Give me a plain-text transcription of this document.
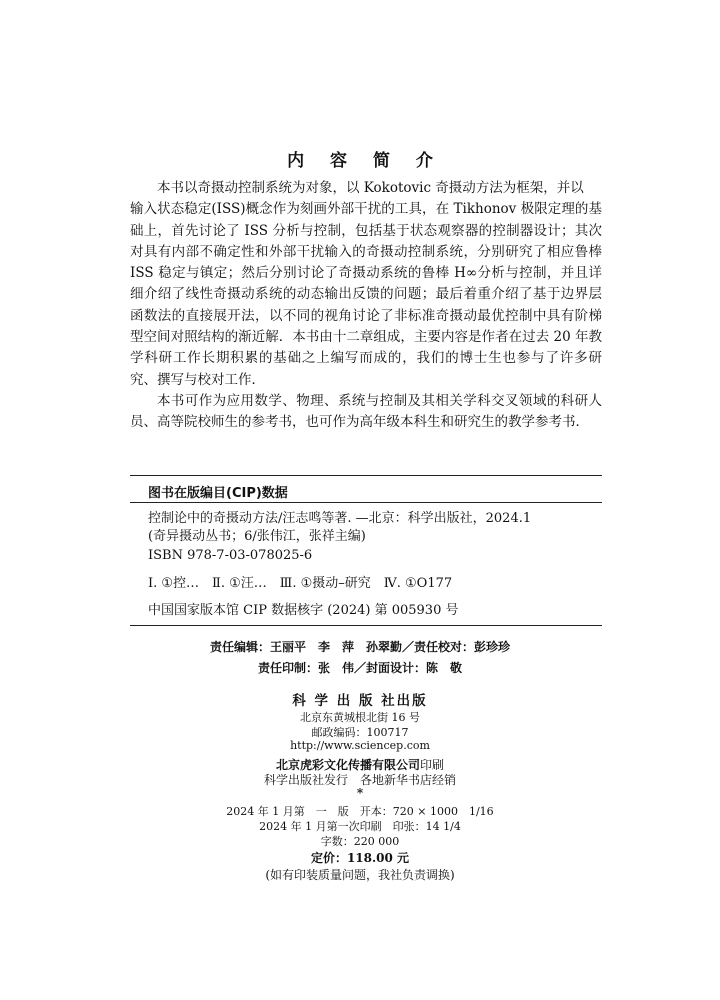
内 容 简 介

本书以奇摄动控制系统为对象，以 Kokotovic 奇摄动方法为框架，并以

输入状态稳定(ISS)概念作为刻画外部干扰的工具，在 Tikhonov 极限定理的基础上，首先讨论了 ISS 分析与控制，包括基于状态观察器的控制器设计；其次对具有内部不确定性和外部干扰输入的奇摄动控制系统，分别研究了相应鲁棒 ISS 稳定与镇定；然后分别讨论了奇摄动系统的鲁棒 H∞分析与控制，并且详细介绍了线性奇摄动系统的动态输出反馈的问题；最后着重介绍了基于边界层函数法的直接展开法，以不同的视角讨论了非标准奇摄动最优控制中具有阶梯型空间对照结构的渐近解．本书由十二章组成，主要内容是作者在过去 20 年教学科研工作长期积累的基础之上编写而成的，我们的博士生也参与了许多研究、撰写与校对工作．

本书可作为应用数学、物理、系统与控制及其相关学科交叉领域的科研人员、高等院校师生的参考书，也可作为高年级本科生和研究生的教学参考书．

图书在版编目(CIP)数据
控制论中的奇摄动方法/汪志鸣等著. —北京：科学出版社，2024.1
(奇异摄动丛书；6/张伟江，张祥主编)
ISBN 978-7-03-078025-6
Ⅰ. ①控…　Ⅱ. ①汪…　Ⅲ. ①摄动–研究　Ⅳ. ①O177
中国国家版本馆 CIP 数据核字 (2024) 第 005930 号
责任编辑：王丽平　李　萍　孙翠勤／责任校对：彭珍珍
责任印制：张　伟／封面设计：陈　敬
科 学 出 版 社出版
北京东黄城根北街 16 号
邮政编码：100717
http://www.sciencep.com
北京虎彩文化传播有限公司印刷
科学出版社发行　各地新华书店经销
*
2024 年 1 月第　一　版　开本：720 × 1000　1/16
2024 年 1 月第一次印刷　印张：14 1/4
字数：220 000
定价：118.00 元
(如有印装质量问题，我社负责调换)
